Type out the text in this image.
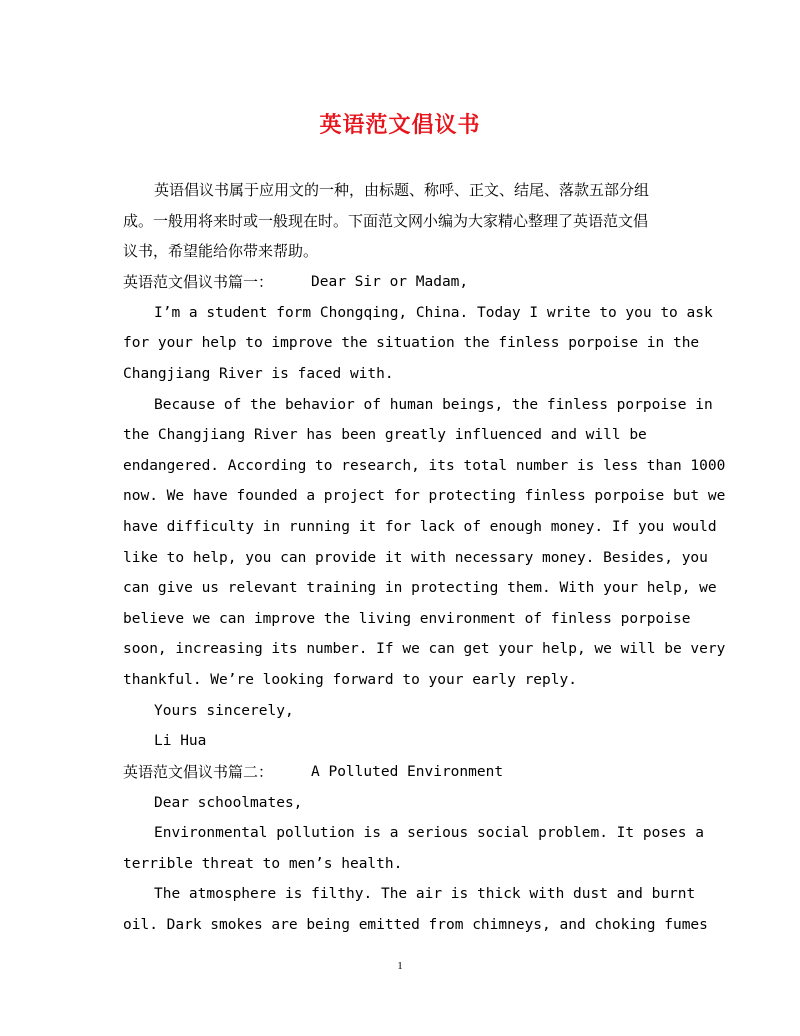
英语范文倡议书
英语倡议书属于应用文的一种，由标题、称呼、正文、结尾、落款五部分组
成。一般用将来时或一般现在时。下面范文网小编为大家精心整理了英语范文倡
议书，希望能给你带来帮助。
英语范文倡议书篇一：	Dear Sir or Madam,
I’m a student form Chongqing, China. Today I write to you to ask
for your help to improve the situation the finless porpoise in the
Changjiang River is faced with.
Because of the behavior of human beings, the finless porpoise in
the Changjiang River has been greatly influenced and will be
endangered. According to research, its total number is less than 1000
now. We have founded a project for protecting finless porpoise but we
have difficulty in running it for lack of enough money. If you would
like to help, you can provide it with necessary money. Besides, you
can give us relevant training in protecting them. With your help, we
believe we can improve the living environment of finless porpoise
soon, increasing its number. If we can get your help, we will be very
thankful. We’re looking forward to your early reply.
Yours sincerely,
Li Hua
英语范文倡议书篇二：	A Polluted Environment
Dear schoolmates,
Environmental pollution is a serious social problem. It poses a
terrible threat to men’s health.
The atmosphere is filthy. The air is thick with dust and burnt
oil. Dark smokes are being emitted from chimneys, and choking fumes
1
